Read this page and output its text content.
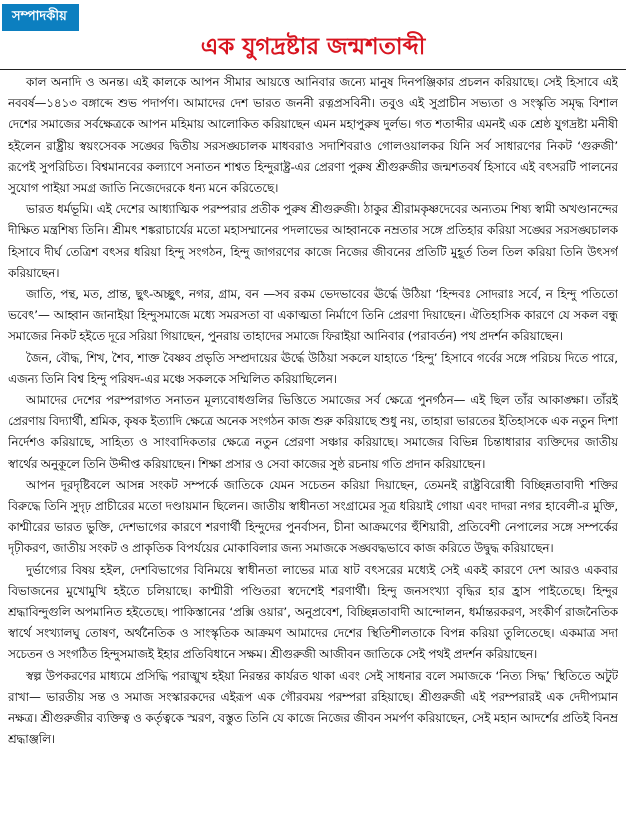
সম্পাদকীয়
এক যুগদ্রষ্টার জন্মশতাব্দী

কাল অনাদি ও অনন্ত। এই কালকে আপন সীমার আয়ত্তে আনিবার জন্যে মানুষ দিনপঞ্জিকার প্রচলন করিয়াছে। সেই হিসাবে এই নববর্ষ—১৪১৩ বঙ্গাব্দে শুভ পদার্পণ। আমাদের দেশ ভারত জননী রত্নপ্রসবিনী। তবুও এই সুপ্রাচীন সভ্যতা ও সংস্কৃতি সমৃদ্ধ বিশাল দেশের সমাজের সর্বক্ষেত্রকে আপন মহিমায় আলোকিত করিয়াছেন এমন মহাপুরুষ দুর্লভ। গত শতাব্দীর এমনই এক শ্রেষ্ঠ যুগদ্রষ্টা মনীষী হইলেন রাষ্ট্রীয় স্বয়ংসেবক সঙ্ঘের দ্বিতীয় সরসঙ্ঘচালক মাধবরাও সদাশিবরাও গোলওয়ালকর যিনি সর্ব সাধারণের নিকট ‘গুরুজী’ রূপেই সুপরিচিত। বিশ্বমানবের কল্যাণে সনাতন শাশ্বত হিন্দুরাষ্ট্র-এর প্রেরণা পুরুষ শ্রীগুরুজীর জন্মশতবর্ষ হিসাবে এই বৎসরটি পালনের সুযোগ পাইয়া সমগ্র জাতি নিজেদেরকে ধন্য মনে করিতেছে।

ভারত ধর্মভূমি। এই দেশের আধ্যাত্মিক পরম্পরার প্রতীক পুরুষ শ্রীগুরুজী। ঠাকুর শ্রীরামকৃষ্ণদেবের অন্যতম শিষ্য স্বামী অখণ্ডানন্দের দীক্ষিত মন্ত্রশিষ্য তিনি। শ্রীমৎ শঙ্করাচার্যের মতো মহাসম্মানের পদলাভের আহ্বানকে নম্রতার সঙ্গে প্রতিহার করিয়া সঙ্ঘের সরসঙ্ঘচালক হিসাবে দীর্ঘ তেত্রিশ বৎসর ধরিয়া হিন্দু সংগঠন, হিন্দু জাগরণের কাজে নিজের জীবনের প্রতিটি মুহূর্ত তিল তিল করিয়া তিনি উৎসর্গ করিয়াছেন।

জাতি, পন্থ, মত, প্রান্ত, ছুৎ-অচ্ছুৎ, নগর, গ্রাম, বন —সব রকম ভেদভাবের ঊর্দ্ধে উঠিয়া ‘হিন্দবঃ সোদরাঃ সর্বে, ন হিন্দু পতিতো ভবেৎ’— আহ্বান জানাইয়া হিন্দুসমাজে মধ্যে সমরসতা বা একাত্মতা নির্মাণে তিনি প্রেরণা দিয়াছেন। ঐতিহাসিক কারণে যে সকল বন্ধু সমাজের নিকট হইতে দূরে সরিয়া গিয়াছেন, পুনরায় তাহাদের সমাজে ফিরাইয়া আনিবার (পরাবর্তন) পথ প্রদর্শন করিয়াছেন।

জৈন, বৌদ্ধ, শিখ, শৈব, শাক্ত বৈষ্ণব প্রভৃতি সম্প্রদায়ের ঊর্দ্ধে উঠিয়া সকলে যাহাতে ‘হিন্দু’ হিসাবে গর্বের সঙ্গে পরিচয় দিতে পারে, এজন্য তিনি বিশ্ব হিন্দু পরিষদ-এর মঞ্চে সকলকে সম্মিলিত করিয়াছিলেন।

আমাদের দেশের পরম্পরাগত সনাতন মূল্যবোধগুলির ভিত্তিতে সমাজের সর্ব ক্ষেত্রে পুনর্গঠন— এই ছিল তাঁর আকাঙ্ক্ষা। তাঁরই প্রেরণায় বিদ্যার্থী, শ্রমিক, কৃষক ইত্যাদি ক্ষেত্রে অনেক সংগঠন কাজ শুরু করিয়াছে শুধু নয়, তাহারা ভারতের ইতিহাসকে এক নতুন দিশা নির্দেশও করিয়াছে, সাহিত্য ও সাংবাদিকতার ক্ষেত্রে নতুন প্রেরণা সঞ্চার করিয়াছে। সমাজের বিভিন্ন চিন্তাধারার ব্যক্তিদের জাতীয় স্বার্থের অনুকূলে তিনি উদ্দীপ্ত করিয়াছেন। শিক্ষা প্রসার ও সেবা কাজের সুষ্ঠ রচনায় গতি প্রদান করিয়াছেন।

আপন দূরদৃষ্টিবলে আসন্ন সংকট সম্পর্কে জাতিকে যেমন সচেতন করিয়া দিয়াছেন, তেমনই রাষ্ট্রবিরোধী বিচ্ছিন্নতাবাদী শক্তির বিরুদ্ধে তিনি সুদৃঢ় প্রাচীরের মতো দণ্ডায়মান ছিলেন। জাতীয় স্বাধীনতা সংগ্রামের সূত্র ধরিয়াই গোয়া এবং দাদরা নগর হাবেলী-র মুক্তি, কাশ্মীরের ভারত ভুক্তি, দেশভাগের কারণে শরণার্থী হিন্দুদের পুনর্বাসন, চীনা আক্রমণের হুঁশিয়ারী, প্রতিবেশী নেপালের সঙ্গে সম্পর্কের দৃঢ়ীকরণ, জাতীয় সংকট ও প্রাকৃতিক বিপর্যয়ের মোকাবিলার জন্য সমাজকে সঙ্ঘবদ্ধভাবে কাজ করিতে উদ্বুদ্ধ করিয়াছেন।

দুর্ভাগ্যের বিষয় হইল, দেশবিভাগের বিনিময়ে স্বাধীনতা লাভের মাত্র ষাট বৎসরের মধ্যেই সেই একই কারণে দেশ আরও একবার বিভাজনের মুখোমুখি হইতে চলিয়াছে। কাশ্মীরী পণ্ডিতরা স্বদেশেই শরণার্থী। হিন্দু জনসংখ্যা বৃদ্ধির হার হ্রাস পাইতেছে। হিন্দুর শ্রদ্ধাবিন্দুগুলি অপমানিত হইতেছে। পাকিস্তানের ‘প্রক্সি ওয়ার’, অনুপ্রবেশ, বিচ্ছিন্নতাবাদী আন্দোলন, ধর্মান্তরকরণ, সংকীর্ণ রাজনৈতিক স্বার্থে সংখ্যালঘু তোষণ, অর্থনৈতিক ও সাংস্কৃতিক আক্রমণ আমাদের দেশের স্থিতিশীলতাকে বিপন্ন করিয়া তুলিতেছে। একমাত্র সদা সচেতন ও সংগঠিত হিন্দুসমাজই ইহার প্রতিবিধানে সক্ষম। শ্রীগুরুজী আজীবন জাতিকে সেই পথই প্রদর্শন করিয়াছেন।

স্বল্প উপকরণের মাধ্যমে প্রসিদ্ধি পরাঙ্মুখ হইয়া নিরন্তর কার্যরত থাকা এবং সেই সাধনার বলে সমাজকে ‘নিত্য সিদ্ধ’ স্থিতিতে অটুট রাখা— ভারতীয় সন্ত ও সমাজ সংস্কারকদের এইরূপ এক গৌরবময় পরম্পরা রহিয়াছে। শ্রীগুরুজী এই পরম্পরারই এক দেদীপ্যমান নক্ষত্র। শ্রীগুরুজীর ব্যক্তিত্ব ও কর্তৃত্বকে স্মরণ, বস্তুত তিনি যে কাজে নিজের জীবন সমর্পণ করিয়াছেন, সেই মহান আদর্শের প্রতিই বিনম্র শ্রদ্ধাঞ্জলি।
